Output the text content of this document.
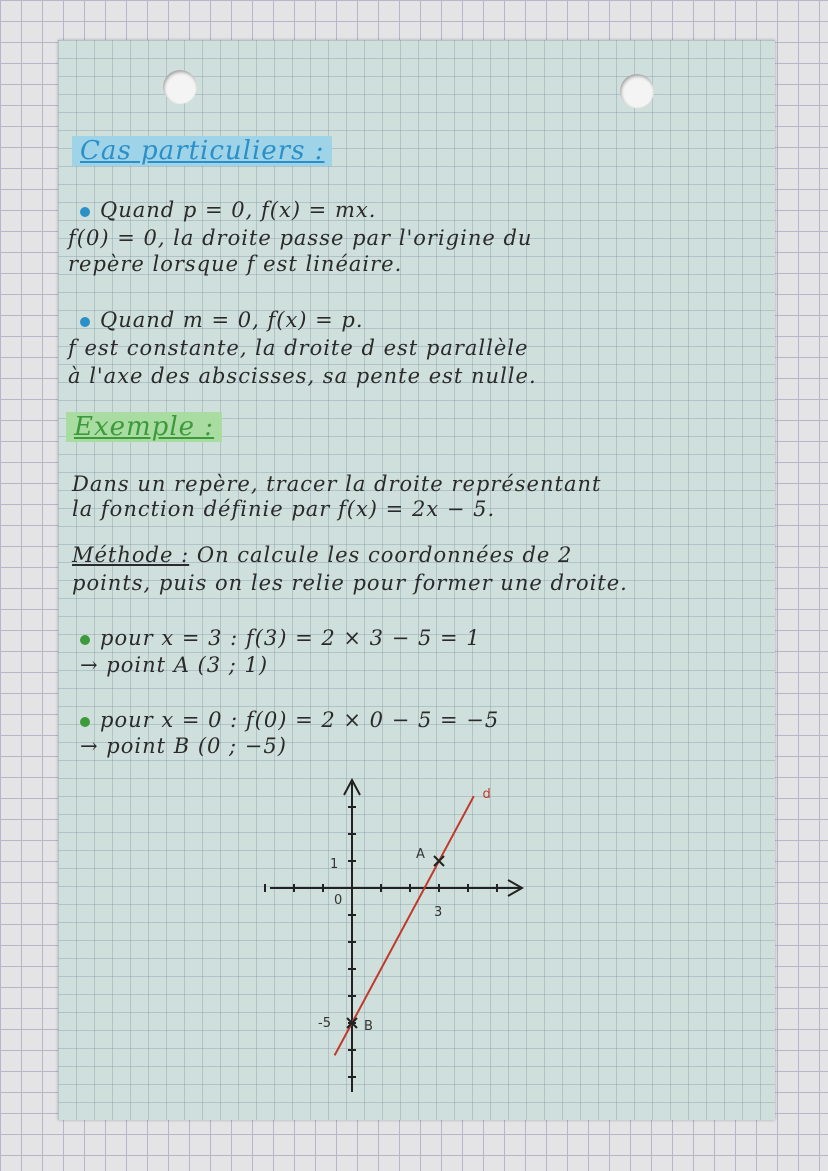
Cas particuliers :
Quand p = 0, f(x) = mx.
f(0) = 0, la droite passe par l'origine du
repère lorsque f est linéaire.
Quand m = 0, f(x) = p.
f est constante, la droite d est parallèle
à l'axe des abscisses, sa pente est nulle.
Exemple :
Dans un repère, tracer la droite représentant
la fonction définie par f(x) = 2x − 5.
Méthode : On calcule les coordonnées de 2
points, puis on les relie pour former une droite.
pour x = 3 : f(3) = 2 × 3 − 5 = 1
→ point A (3 ; 1)
pour x = 0 : f(0) = 2 × 0 − 5 = −5
→ point B (0 ; −5)
d
A
B
1
0
3
-5
